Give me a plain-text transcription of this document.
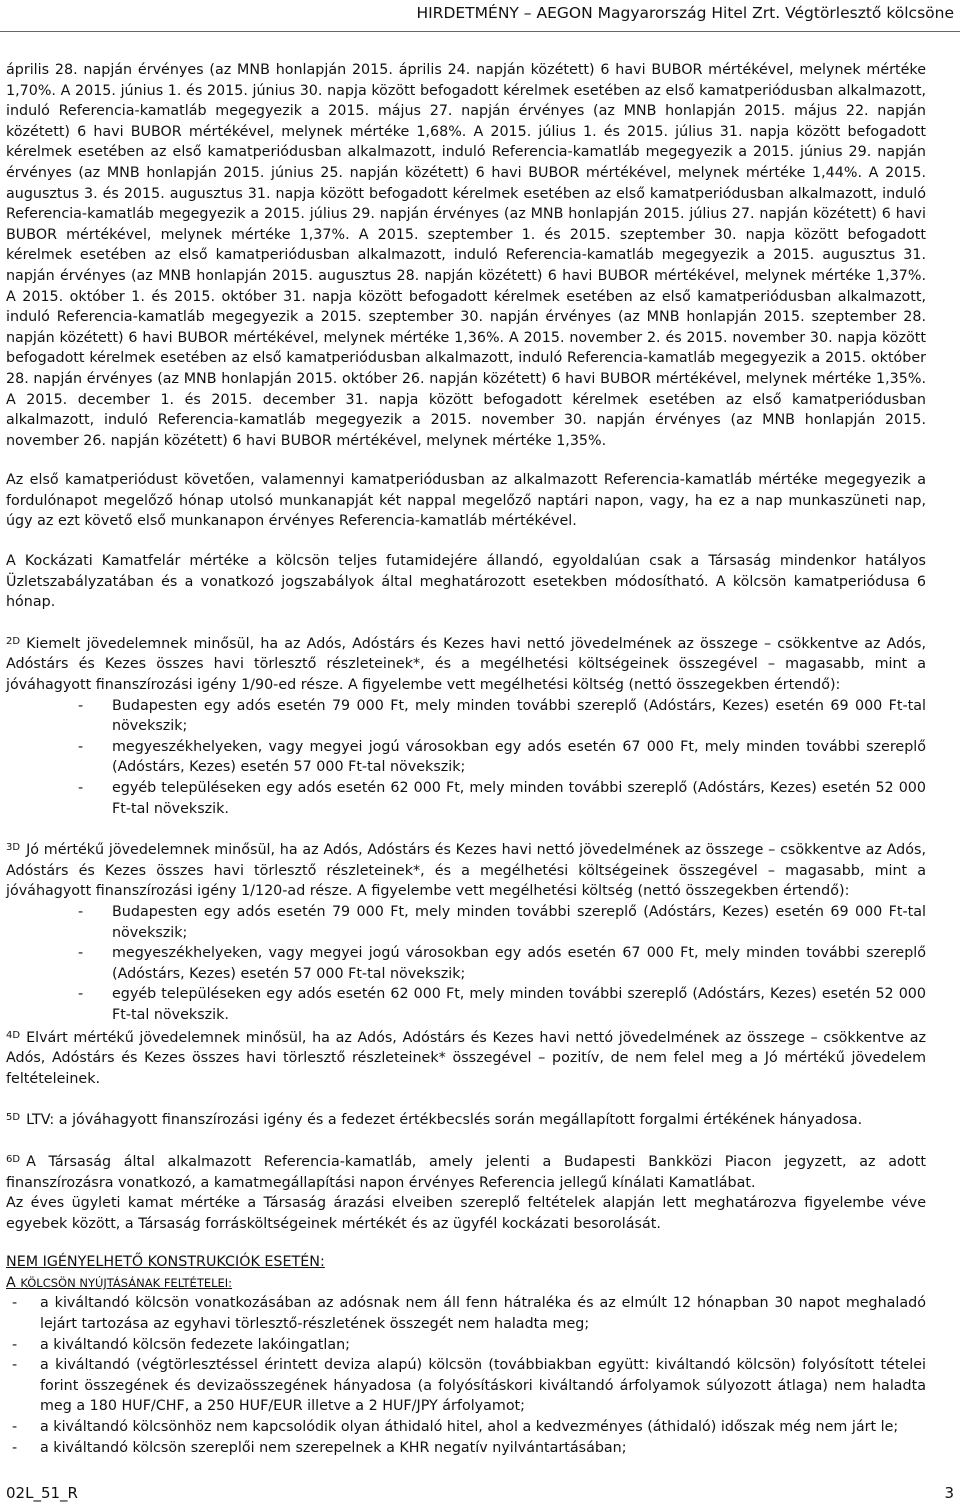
HIRDETMÉNY – AEGON Magyarország Hitel Zrt. Végtörlesztő kölcsöne

április 28. napján érvényes (az MNB honlapján 2015. április 24. napján közétett) 6 havi BUBOR mértékével, melynek mértéke 1,70%. A 2015. június 1. és 2015. június 30. napja között befogadott kérelmek esetében az első kamatperiódusban alkalmazott, induló Referencia-kamatláb megegyezik a 2015. május 27. napján érvényes (az MNB honlapján 2015. május 22. napján közétett) 6 havi BUBOR mértékével, melynek mértéke 1,68%. A 2015. július 1. és 2015. július 31. napja között befogadott kérelmek esetében az első kamatperiódusban alkalmazott, induló Referencia-kamatláb megegyezik a 2015. június 29. napján érvényes (az MNB honlapján 2015. június 25. napján közétett) 6 havi BUBOR mértékével, melynek mértéke 1,44%. A 2015. augusztus 3. és 2015. augusztus 31. napja között befogadott kérelmek esetében az első kamatperiódusban alkalmazott, induló Referencia-kamatláb megegyezik a 2015. július 29. napján érvényes (az MNB honlapján 2015. július 27. napján közétett) 6 havi BUBOR mértékével, melynek mértéke 1,37%. A 2015. szeptember 1. és 2015. szeptember 30. napja között befogadott kérelmek esetében az első kamatperiódusban alkalmazott, induló Referencia-kamatláb megegyezik a 2015. augusztus 31. napján érvényes (az MNB honlapján 2015. augusztus 28. napján közétett) 6 havi BUBOR mértékével, melynek mértéke 1,37%. A 2015. október 1. és 2015. október 31. napja között befogadott kérelmek esetében az első kamatperiódusban alkalmazott, induló Referencia-kamatláb megegyezik a 2015. szeptember 30. napján érvényes (az MNB honlapján 2015. szeptember 28. napján közétett) 6 havi BUBOR mértékével, melynek mértéke 1,36%. A 2015. november 2. és 2015. november 30. napja között befogadott kérelmek esetében az első kamatperiódusban alkalmazott, induló Referencia-kamatláb megegyezik a 2015. október 28. napján érvényes (az MNB honlapján 2015. október 26. napján közétett) 6 havi BUBOR mértékével, melynek mértéke 1,35%. A 2015. december 1. és 2015. december 31. napja között befogadott kérelmek esetében az első kamatperiódusban alkalmazott, induló Referencia-kamatláb megegyezik a 2015. november 30. napján érvényes (az MNB honlapján 2015. november 26. napján közétett) 6 havi BUBOR mértékével, melynek mértéke 1,35%.

Az első kamatperiódust követően, valamennyi kamatperiódusban az alkalmazott Referencia-kamatláb mértéke megegyezik a fordulónapot megelőző hónap utolsó munkanapját két nappal megelőző naptári napon, vagy, ha ez a nap munkaszüneti nap, úgy az ezt követő első munkanapon érvényes Referencia-kamatláb mértékével.

A Kockázati Kamatfelár mértéke a kölcsön teljes futamidejére állandó, egyoldalúan csak a Társaság mindenkor hatályos Üzletszabályzatában és a vonatkozó jogszabályok által meghatározott esetekben módosítható. A kölcsön kamatperiódusa 6 hónap.

$^{2D}$ Kiemelt jövedelemnek minősül, ha az Adós, Adóstárs és Kezes havi nettó jövedelmének az összege – csökkentve az Adós, Adóstárs és Kezes összes havi törlesztő részleteinek*, és a megélhetési költségeinek összegével – magasabb, mint a jóváhagyott finanszírozási igény 1/90-ed része. A figyelembe vett megélhetési költség (nettó összegekben értendő):

- Budapesten egy adós esetén 79 000 Ft, mely minden további szereplő (Adóstárs, Kezes) esetén 69 000 Ft-tal növekszik;
- megyeszékhelyeken, vagy megyei jogú városokban egy adós esetén 67 000 Ft, mely minden további szereplő (Adóstárs, Kezes) esetén 57 000 Ft-tal növekszik;
- egyéb településeken egy adós esetén 62 000 Ft, mely minden további szereplő (Adóstárs, Kezes) esetén 52 000 Ft-tal növekszik.

$^{3D}$ Jó mértékű jövedelemnek minősül, ha az Adós, Adóstárs és Kezes havi nettó jövedelmének az összege – csökkentve az Adós, Adóstárs és Kezes összes havi törlesztő részleteinek*, és a megélhetési költségeinek összegével – magasabb, mint a jóváhagyott finanszírozási igény 1/120-ad része. A figyelembe vett megélhetési költség (nettó összegekben értendő):

- Budapesten egy adós esetén 79 000 Ft, mely minden további szereplő (Adóstárs, Kezes) esetén 69 000 Ft-tal növekszik;
- megyeszékhelyeken, vagy megyei jogú városokban egy adós esetén 67 000 Ft, mely minden további szereplő (Adóstárs, Kezes) esetén 57 000 Ft-tal növekszik;
- egyéb településeken egy adós esetén 62 000 Ft, mely minden további szereplő (Adóstárs, Kezes) esetén 52 000 Ft-tal növekszik.

$^{4D}$ Elvárt mértékű jövedelemnek minősül, ha az Adós, Adóstárs és Kezes havi nettó jövedelmének az összege – csökkentve az Adós, Adóstárs és Kezes összes havi törlesztő részleteinek* összegével – pozitív, de nem felel meg a Jó mértékű jövedelem feltételeinek.

$^{5D}$ LTV: a jóváhagyott finanszírozási igény és a fedezet értékbecslés során megállapított forgalmi értékének hányadosa.

$^{6D}$ A Társaság által alkalmazott Referencia-kamatláb, amely jelenti a Budapesti Bankközi Piacon jegyzett, az adott finanszírozásra vonatkozó, a kamatmegállapítási napon érvényes Referencia jellegű kínálati Kamatlábat.

Az éves ügyleti kamat mértéke a Társaság árazási elveiben szereplő feltételek alapján lett meghatározva figyelembe véve egyebek között, a Társaság forrásköltségeinek mértékét és az ügyfél kockázati besorolását.

NEM IGÉNYELHETŐ KONSTRUKCIÓK ESETÉN:

A KÖLCSÖN NYÚJTÁSÁNAK FELTÉTELEI:

- a kiváltandó kölcsön vonatkozásában az adósnak nem áll fenn hátraléka és az elmúlt 12 hónapban 30 napot meghaladó lejárt tartozása az egyhavi törlesztő-részletének összegét nem haladta meg;
- a kiváltandó kölcsön fedezete lakóingatlan;
- a kiváltandó (végtörlesztéssel érintett deviza alapú) kölcsön (továbbiakban együtt: kiváltandó kölcsön) folyósított tételei forint összegének és devizaösszegének hányadosa (a folyósításkori kiváltandó árfolyamok súlyozott átlaga) nem haladta meg a 180 HUF/CHF, a 250 HUF/EUR illetve a 2 HUF/JPY árfolyamot;
- a kiváltandó kölcsönhöz nem kapcsolódik olyan áthidaló hitel, ahol a kedvezményes (áthidaló) időszak még nem járt le;
- a kiváltandó kölcsön szereplői nem szerepelnek a KHR negatív nyilvántartásában;
02L_51_R	3
